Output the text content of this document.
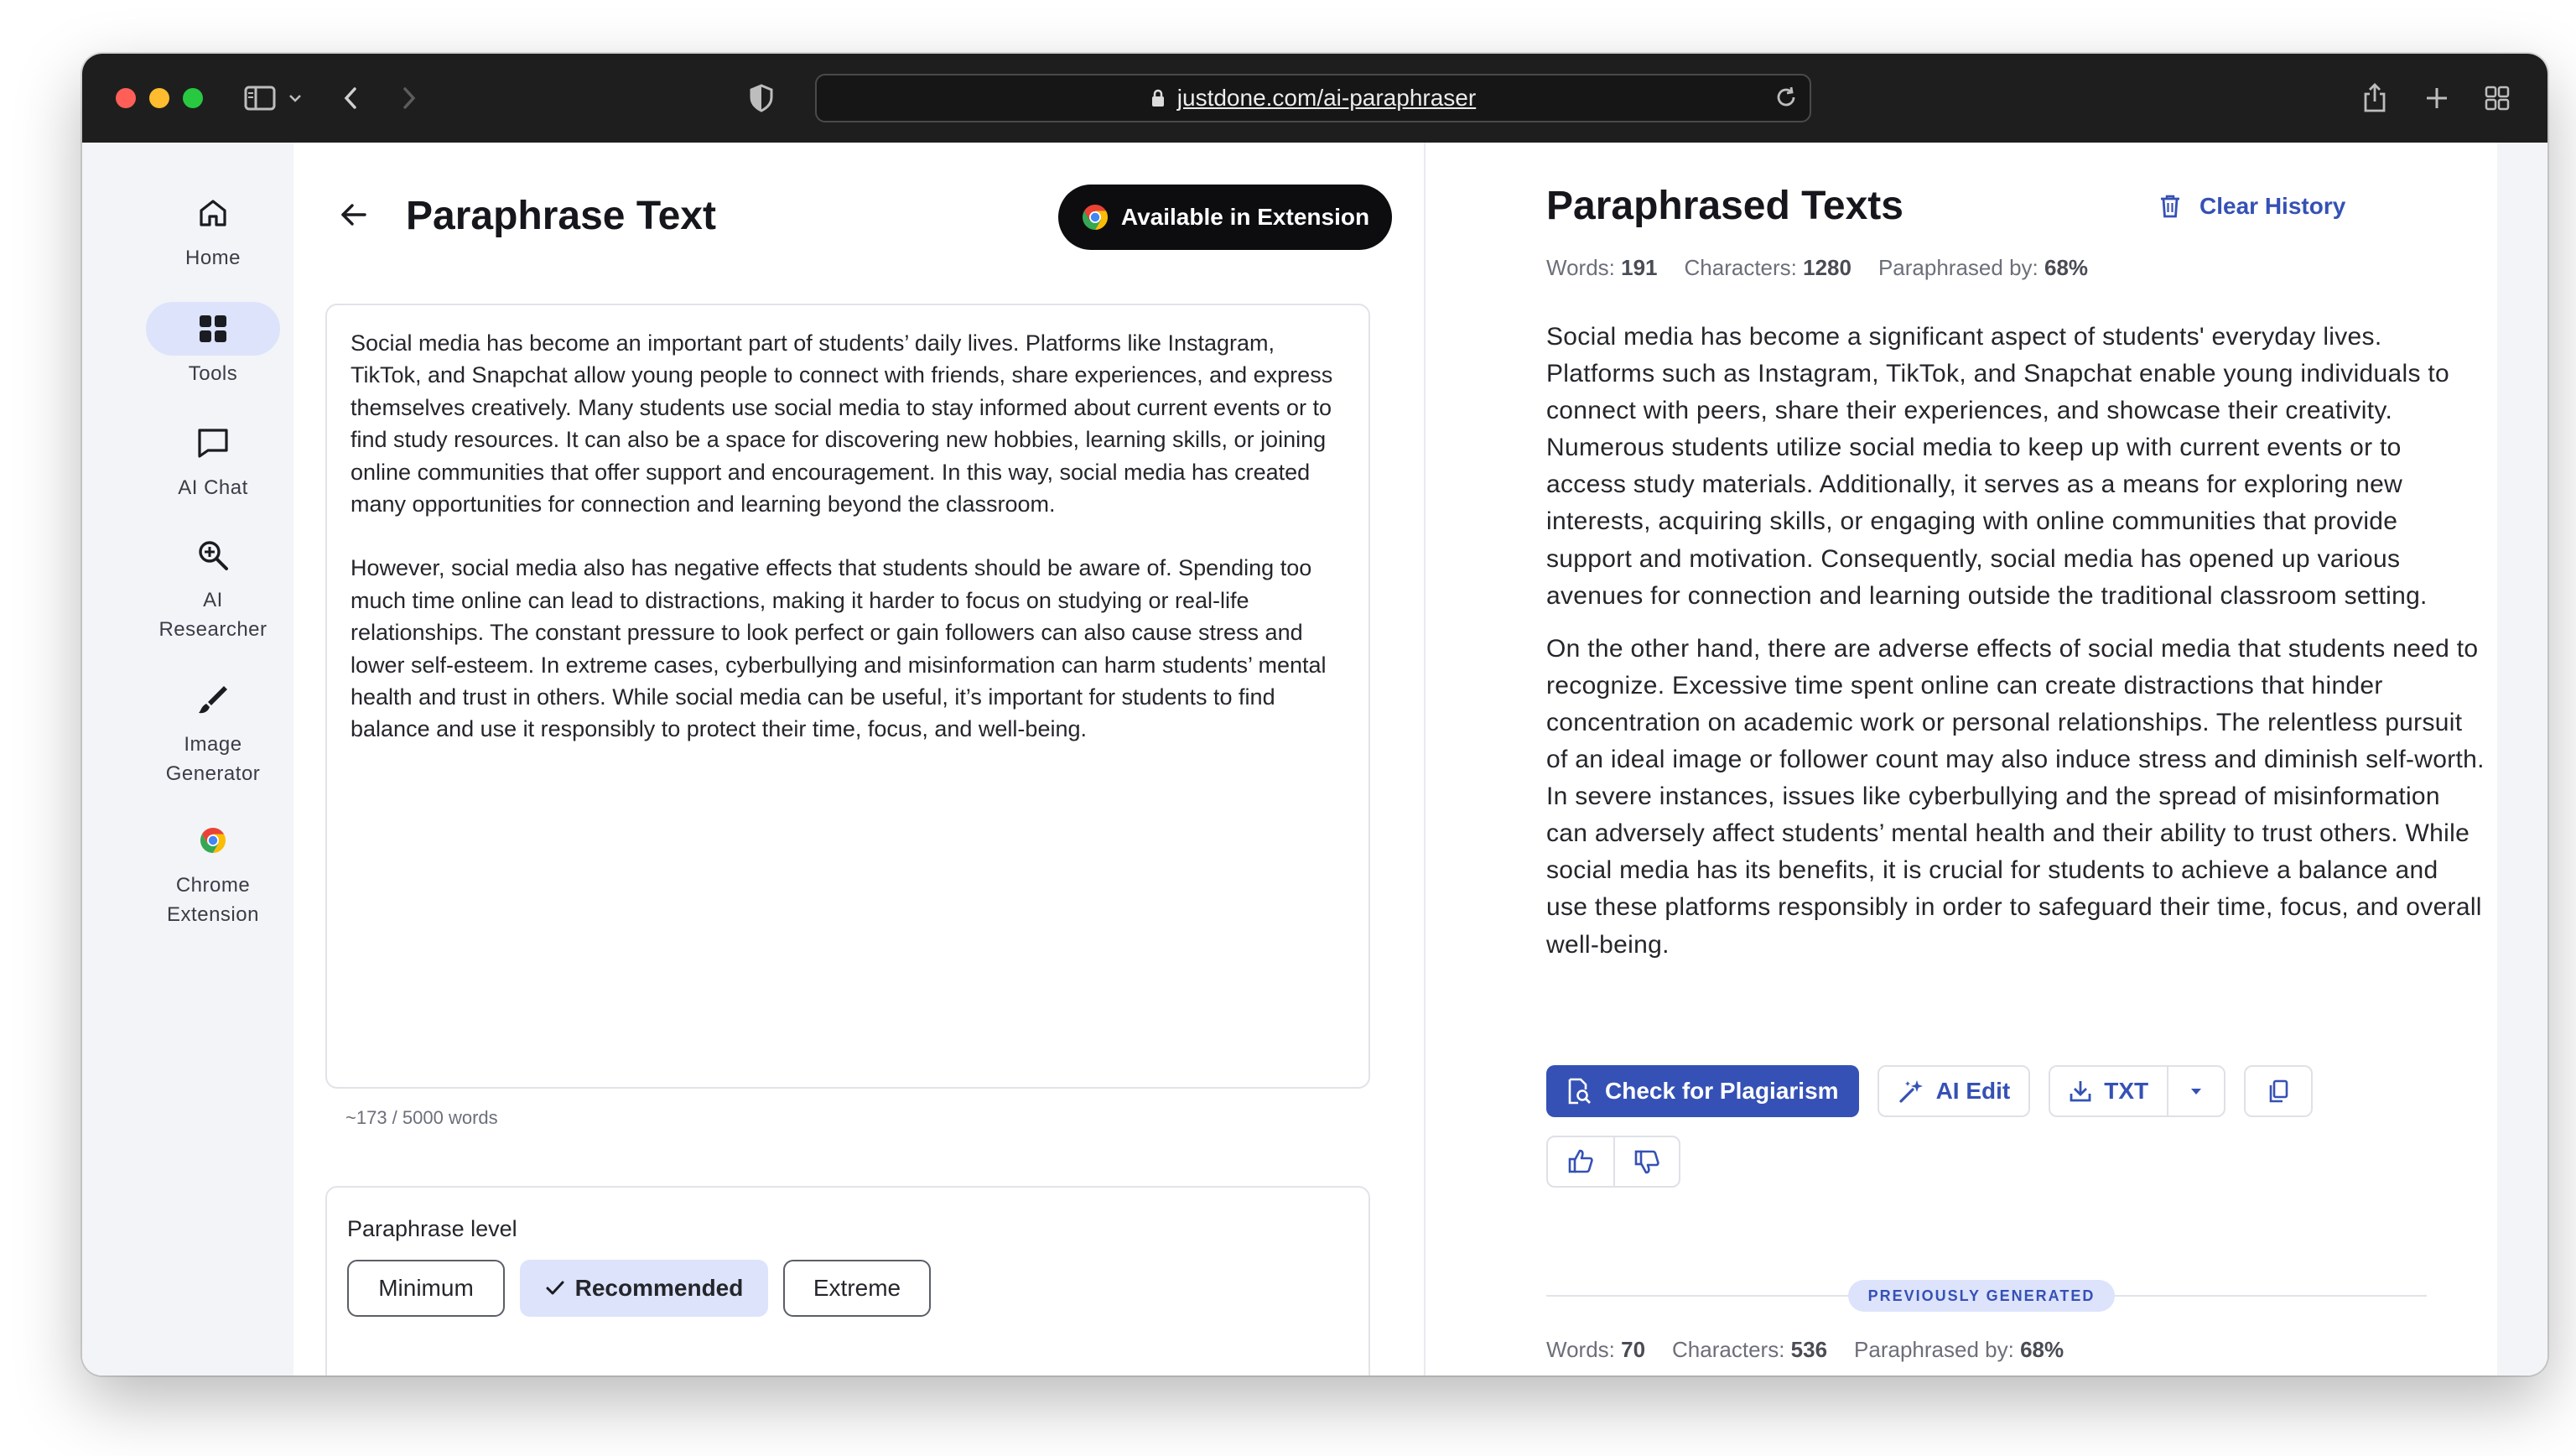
justdone.com/ai-paraphraser
Home
Tools
AI Chat
AI Researcher
Image Generator
Chrome Extension
Paraphrase Text	Available in Extension

Social media has become an important part of students’ daily lives. Platforms like Instagram, TikTok, and Snapchat allow young people to connect with friends, share experiences, and express themselves creatively. Many students use social media to stay informed about current events or to find study resources. It can also be a space for discovering new hobbies, learning skills, or joining online communities that offer support and encouragement. In this way, social media has created many opportunities for connection and learning beyond the classroom.

However, social media also has negative effects that students should be aware of. Spending too much time online can lead to distractions, making it harder to focus on studying or real-life relationships. The constant pressure to look perfect or gain followers can also cause stress and lower self-esteem. In extreme cases, cyberbullying and misinformation can harm students’ mental health and trust in others. While social media can be useful, it’s important for students to find balance and use it responsibly to protect their time, focus, and well-being.

~173 / 5000 words
Paraphrase level
Minimum	Recommended	Extreme
Paraphrased Texts	Clear History
Words: 191 Characters: 1280 Paraphrased by: 68%

Social media has become a significant aspect of students' everyday lives. Platforms such as Instagram, TikTok, and Snapchat enable young individuals to connect with peers, share their experiences, and showcase their creativity. Numerous students utilize social media to keep up with current events or to access study materials. Additionally, it serves as a means for exploring new interests, acquiring skills, or engaging with online communities that provide support and motivation. Consequently, social media has opened up various avenues for connection and learning outside the traditional classroom setting.

On the other hand, there are adverse effects of social media that students need to recognize. Excessive time spent online can create distractions that hinder concentration on academic work or personal relationships. The relentless pursuit of an ideal image or follower count may also induce stress and diminish self-worth. In severe instances, issues like cyberbullying and the spread of misinformation can adversely affect students’ mental health and their ability to trust others. While social media has its benefits, it is crucial for students to achieve a balance and use these platforms responsibly in order to safeguard their time, focus, and overall well-being.

Check for Plagiarism	AI Edit	TXT
PREVIOUSLY GENERATED
Words: 70 Characters: 536 Paraphrased by: 68%
